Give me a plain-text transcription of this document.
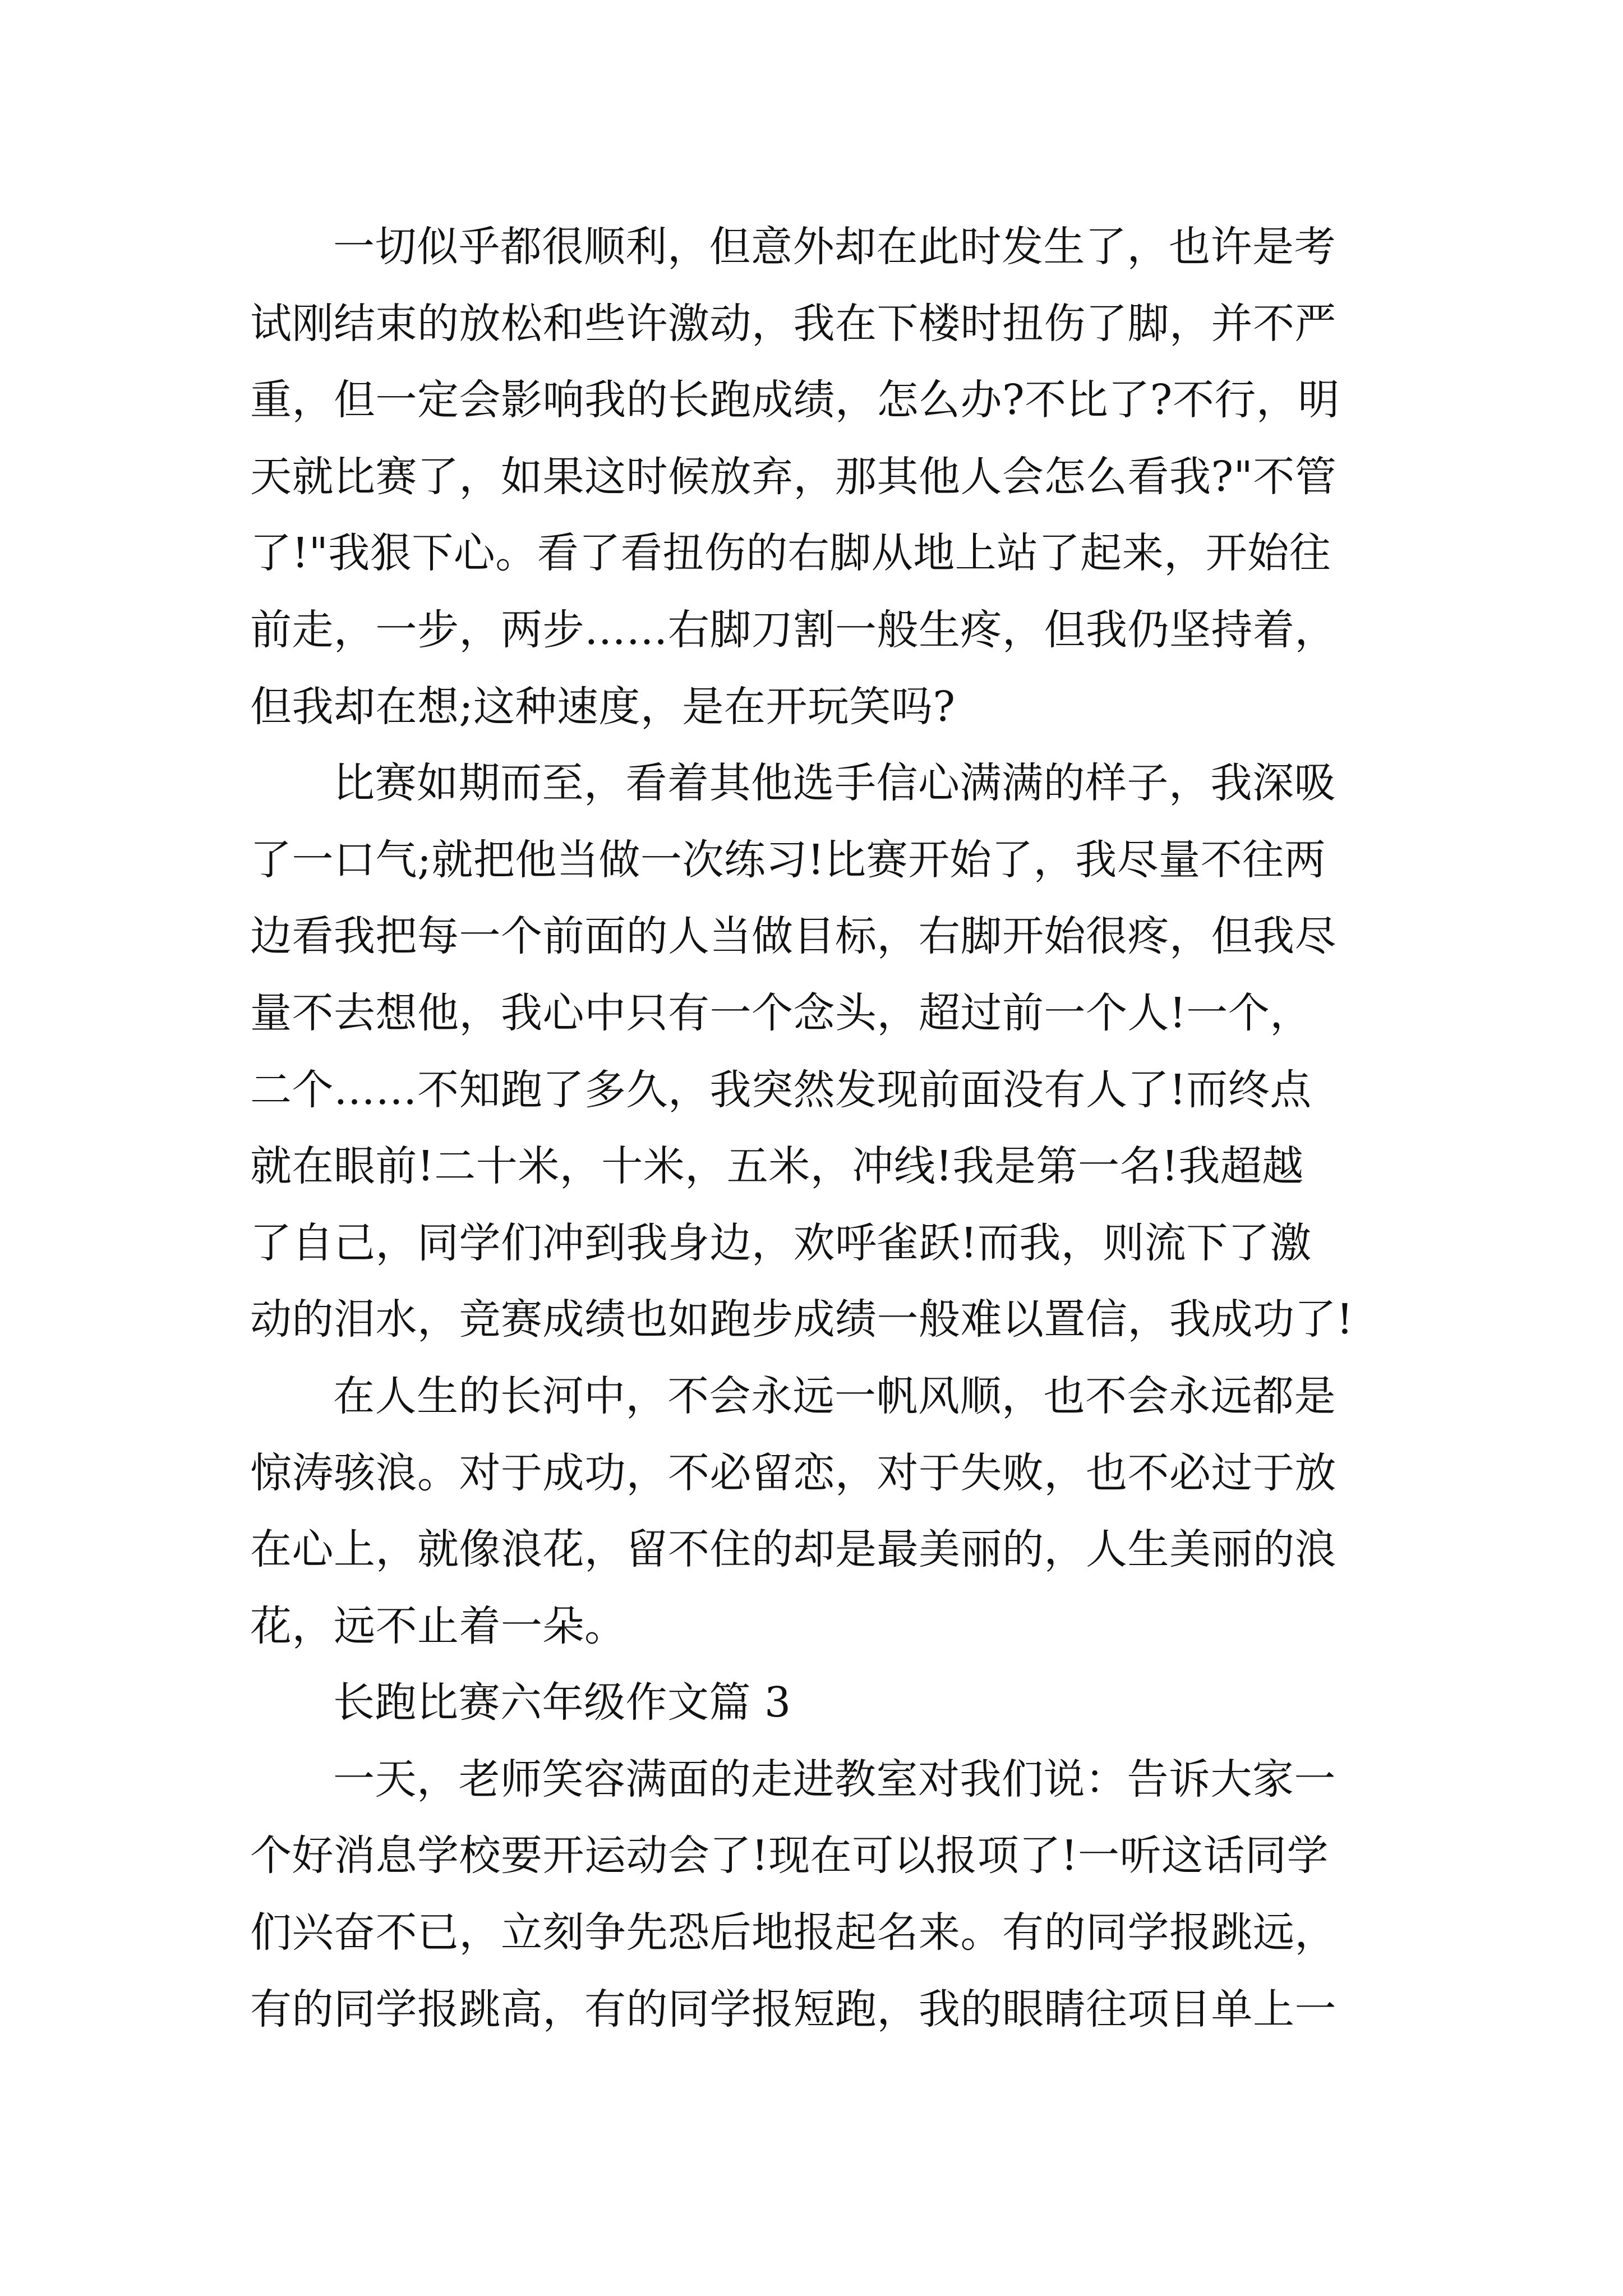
一切似乎都很顺利，但意外却在此时发生了，也许是考
试刚结束的放松和些许激动，我在下楼时扭伤了脚，并不严
重，但一定会影响我的长跑成绩，怎么办?不比了?不行，明
天就比赛了，如果这时候放弃，那其他人会怎么看我?"不管
了!"我狠下心。看了看扭伤的右脚从地上站了起来，开始往
前走，一步，两步……右脚刀割一般生疼，但我仍坚持着，
但我却在想;这种速度，是在开玩笑吗?
比赛如期而至，看着其他选手信心满满的样子，我深吸
了一口气;就把他当做一次练习!比赛开始了，我尽量不往两
边看我把每一个前面的人当做目标，右脚开始很疼，但我尽
量不去想他，我心中只有一个念头，超过前一个人!一个，
二个……不知跑了多久，我突然发现前面没有人了!而终点
就在眼前!二十米，十米，五米，冲线!我是第一名!我超越
了自己，同学们冲到我身边，欢呼雀跃!而我，则流下了激
动的泪水，竞赛成绩也如跑步成绩一般难以置信，我成功了!
在人生的长河中，不会永远一帆风顺，也不会永远都是
惊涛骇浪。对于成功，不必留恋，对于失败，也不必过于放
在心上，就像浪花，留不住的却是最美丽的，人生美丽的浪
花，远不止着一朵。
长跑比赛六年级作文篇 3
一天，老师笑容满面的走进教室对我们说：告诉大家一
个好消息学校要开运动会了!现在可以报项了!一听这话同学
们兴奋不已，立刻争先恐后地报起名来。有的同学报跳远，
有的同学报跳高，有的同学报短跑，我的眼睛往项目单上一
